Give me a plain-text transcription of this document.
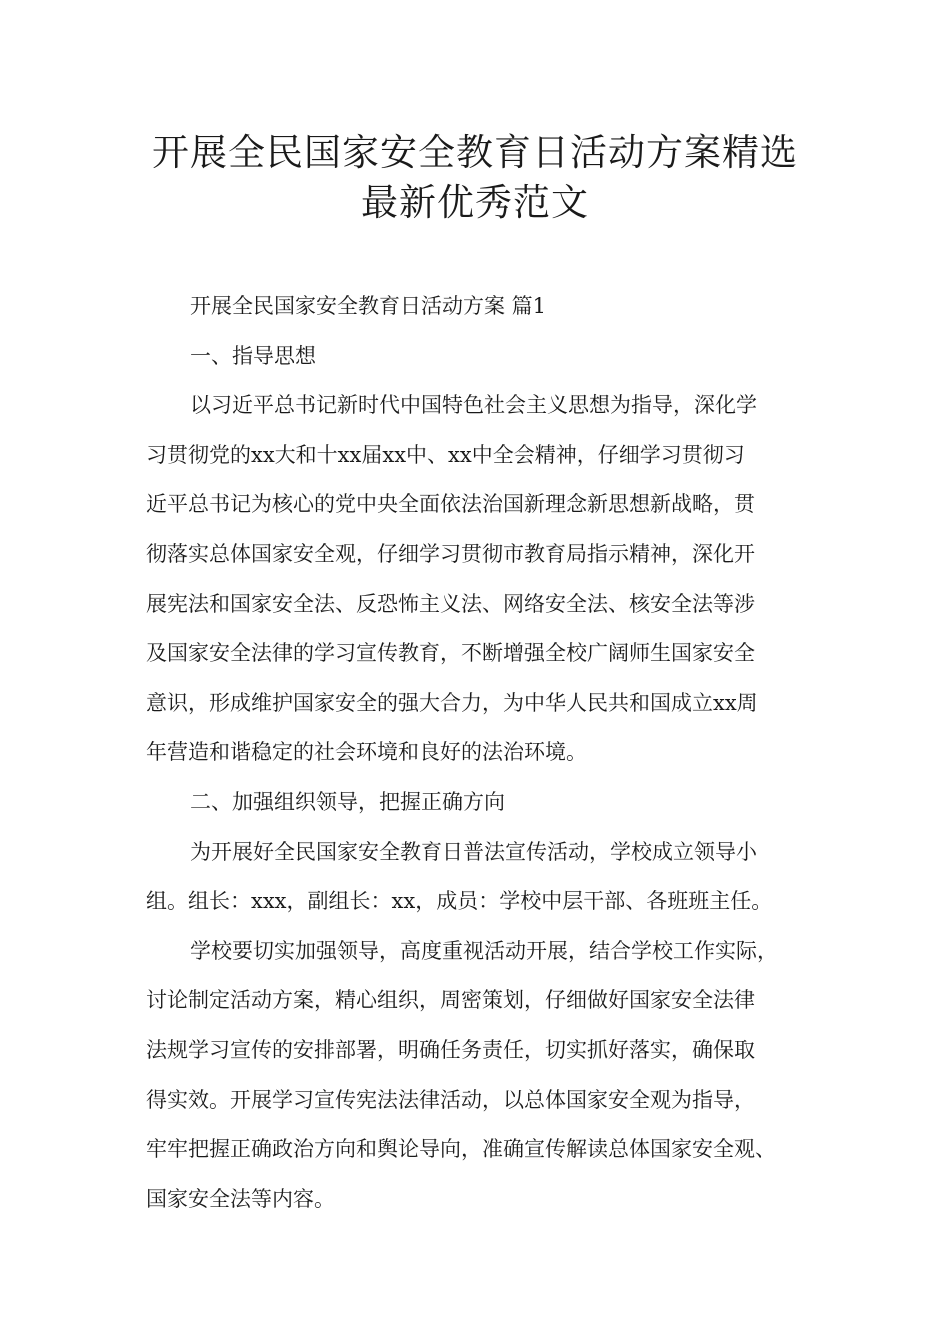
开展全民国家安全教育日活动方案精选
最新优秀范文
开展全民国家安全教育日活动方案 篇1
一、指导思想
以习近平总书记新时代中国特色社会主义思想为指导，深化学
习贯彻党的xx大和十xx届xx中、xx中全会精神，仔细学习贯彻习
近平总书记为核心的党中央全面依法治国新理念新思想新战略，贯
彻落实总体国家安全观，仔细学习贯彻市教育局指示精神，深化开
展宪法和国家安全法、反恐怖主义法、网络安全法、核安全法等涉
及国家安全法律的学习宣传教育，不断增强全校广阔师生国家安全
意识，形成维护国家安全的强大合力，为中华人民共和国成立xx周
年营造和谐稳定的社会环境和良好的法治环境。
二、加强组织领导，把握正确方向
为开展好全民国家安全教育日普法宣传活动，学校成立领导小
组。组长：xxx，副组长：xx，成员：学校中层干部、各班班主任。
学校要切实加强领导，高度重视活动开展，结合学校工作实际，
讨论制定活动方案，精心组织，周密策划，仔细做好国家安全法律
法规学习宣传的安排部署，明确任务责任，切实抓好落实，确保取
得实效。开展学习宣传宪法法律活动，以总体国家安全观为指导，
牢牢把握正确政治方向和舆论导向，准确宣传解读总体国家安全观、
国家安全法等内容。
